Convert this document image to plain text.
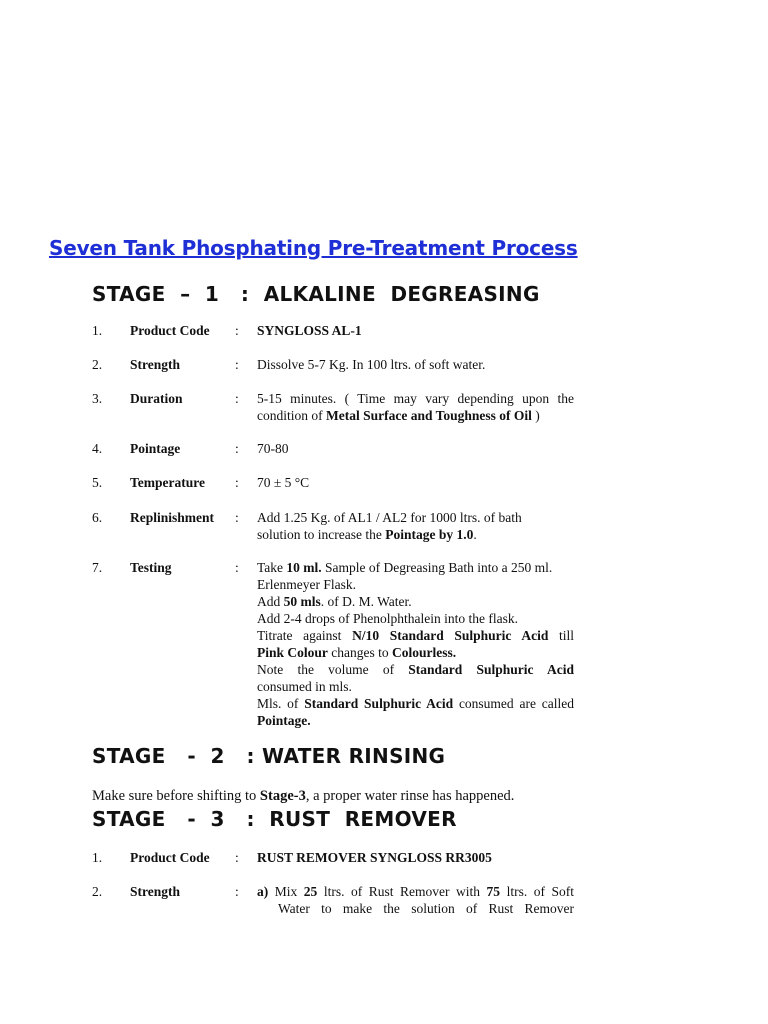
Seven Tank Phosphating Pre-Treatment Process
STAGE  –  1   :  ALKALINE  DEGREASING
1. Product Code : SYNGLOSS AL-1
2. Strength	: Dissolve 5-7 Kg. In 100 ltrs. of soft water.
3. Duration	: 5-15 minutes. ( Time may vary depending upon the
condition of Metal Surface and Toughness of Oil )
4. Pointage	: 70-80
5. Temperature : 70 ± 5 °C
6. Replinishment : Add 1.25 Kg. of AL1 / AL2 for 1000 ltrs. of bath
solution to increase the Pointage by 1.0.
7. Testing	: Take 10 ml. Sample of Degreasing Bath into a 250 ml.
Erlenmeyer Flask.
Add 50 mls. of D. M. Water.
Add 2-4 drops of Phenolphthalein into the flask.
Titrate against N/10 Standard Sulphuric Acid till
Pink Colour changes to Colourless.
Note the volume of Standard Sulphuric Acid
consumed in mls.
Mls. of Standard Sulphuric Acid consumed are called
Pointage.
STAGE   -  2   : WATER RINSING
Make sure before shifting to Stage-3, a proper water rinse has happened.
STAGE   -  3   :  RUST  REMOVER
1. Product Code : RUST REMOVER SYNGLOSS RR3005
2. Strength	: a) Mix 25 ltrs. of Rust Remover with 75 ltrs. of Soft
Water to make the solution of Rust Remover
